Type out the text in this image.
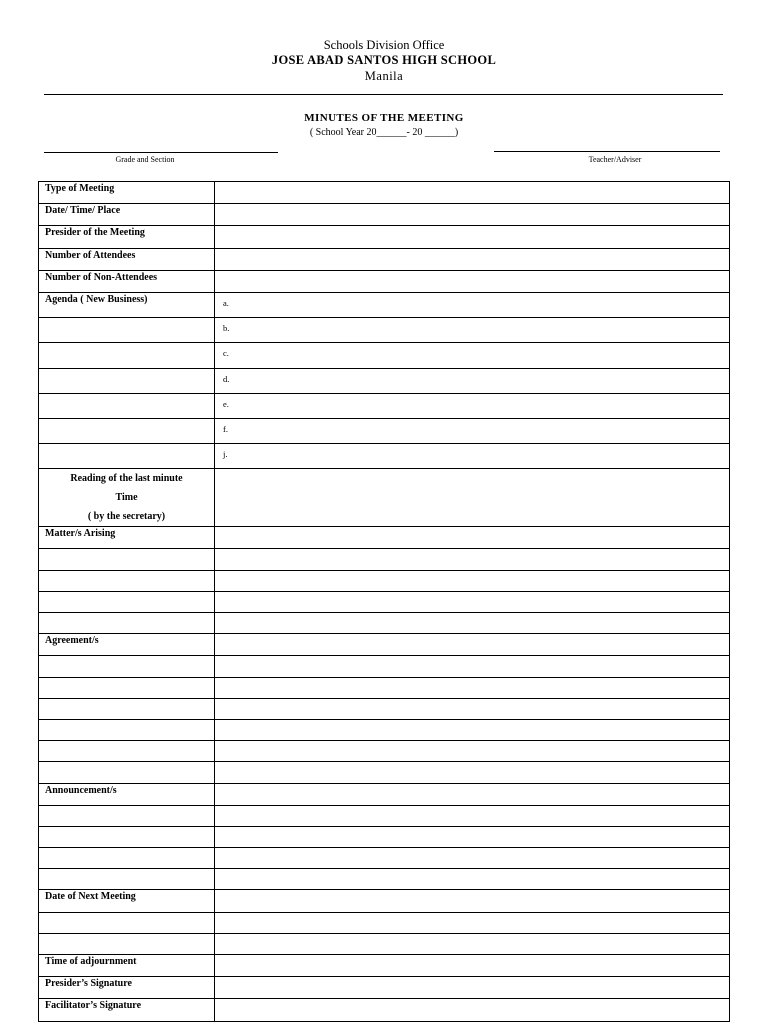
Schools Division Office
JOSE ABAD SANTOS HIGH SCHOOL
Manila
MINUTES OF THE MEETING
( School Year 20______- 20 ______)
Grade and Section	Teacher/Adviser
Type of Meeting	
Date/ Time/ Place	
Presider of the Meeting	
Number of Attendees	
Number of Non-Attendees	
Agenda ( New Business)	a.
	b.
	c.
	d.
	e.
	f.
	j.

Reading of the last minute
Time
( by the secretary)	

Matter/s Arising	

Agreement/s	

Announcement/s	

Date of Next Meeting	

Time of adjournment	
Presider’s Signature	
Facilitator’s Signature	
